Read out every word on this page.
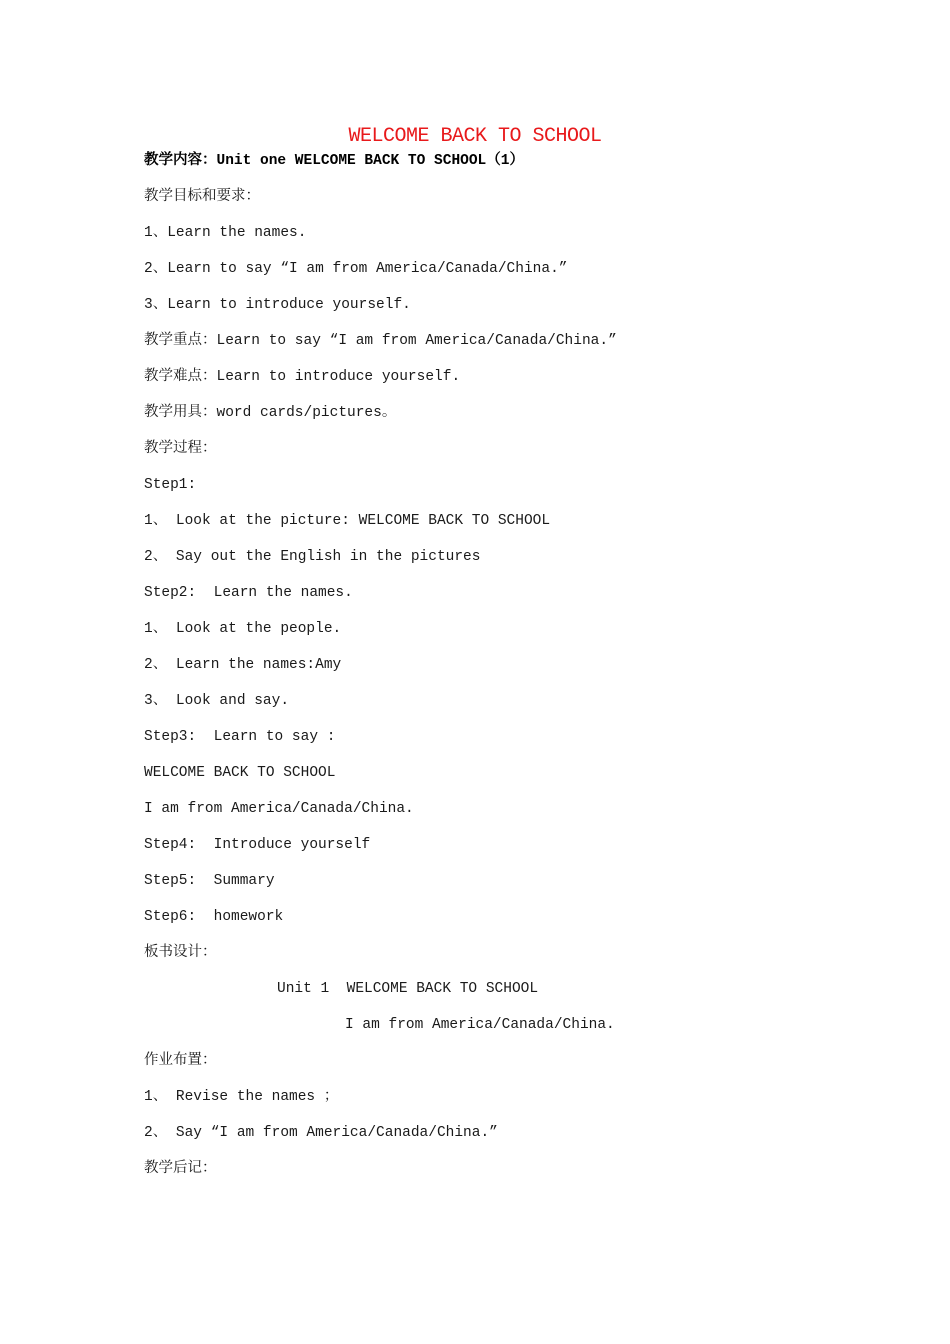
WELCOME BACK TO SCHOOL
教学内容：Unit one WELCOME BACK TO SCHOOL（1）
教学目标和要求：
1、Learn the names.
2、Learn to say “I am from America/Canada/China.”
3、Learn to introduce yourself.
教学重点：Learn to say “I am from America/Canada/China.”
教学难点：Learn to introduce yourself.
教学用具：word cards/pictures。
教学过程：
Step1:
1、 Look at the picture: WELCOME BACK TO SCHOOL
2、 Say out the English in the pictures
Step2:  Learn the names.
1、 Look at the people.
2、 Learn the names:Amy
3、 Look and say.
Step3:  Learn to say :
WELCOME BACK TO SCHOOL
I am from America/Canada/China.
Step4:  Introduce yourself
Step5:  Summary
Step6:  homework
板书设计：
Unit 1  WELCOME BACK TO SCHOOL
I am from America/Canada/China.
作业布置：
1、 Revise the names ；
2、 Say “I am from America/Canada/China.”
教学后记：
